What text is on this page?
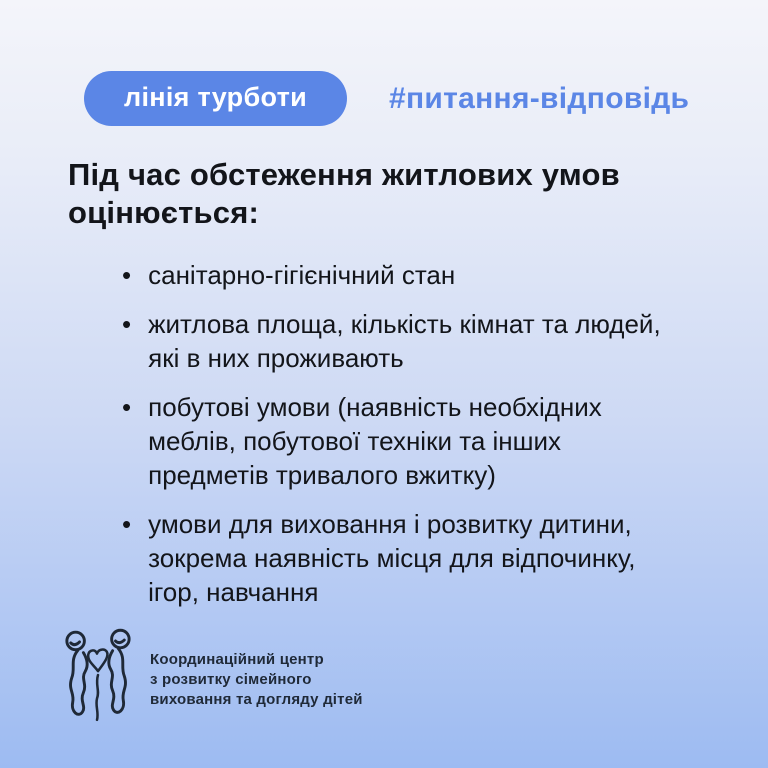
лінія турботи	#питання-відповідь
Під час обстеження житлових умов оцінюється:
• санітарно-гігієнічний стан
• житлова площа, кількість кімнат та людей, які в них проживають
• побутові умови (наявність необхідних меблів, побутової техніки та інших предметів тривалого вжитку)
• умови для виховання і розвитку дитини, зокрема наявність місця для відпочинку, ігор, навчання
Координаційний центр
з розвитку сімейного
виховання та догляду дітей
